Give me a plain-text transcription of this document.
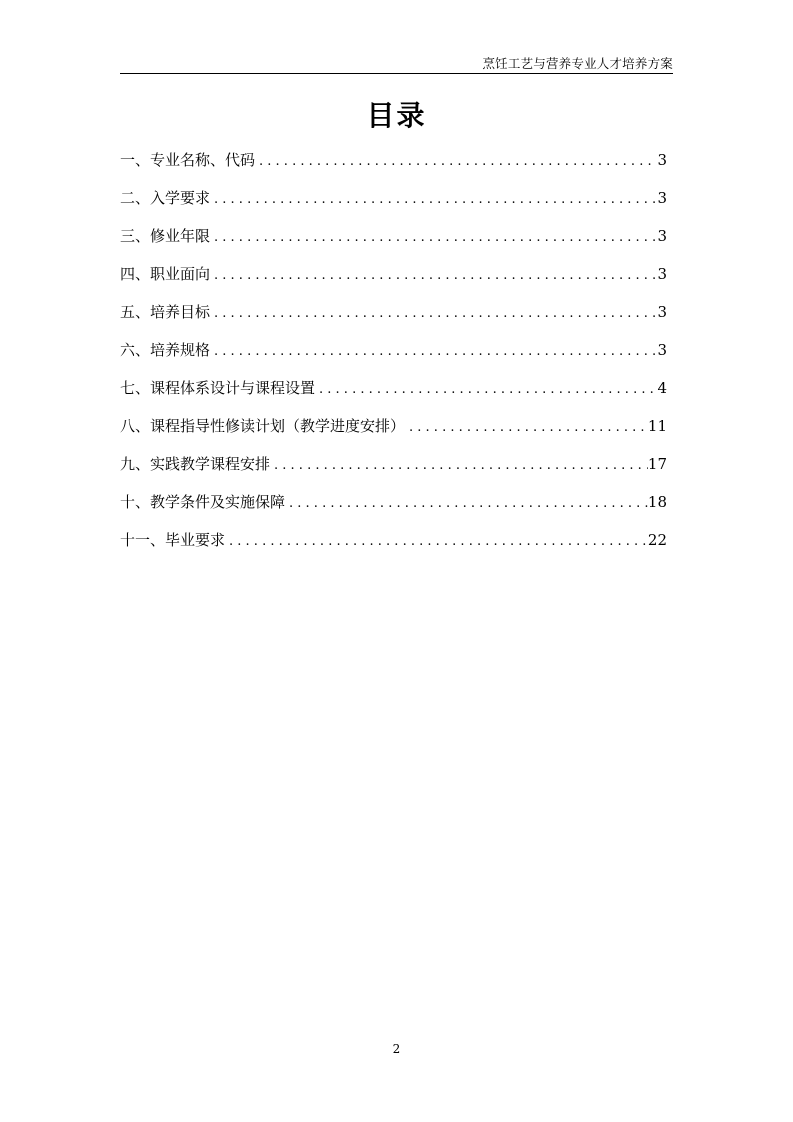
烹饪工艺与营养专业人才培养方案
目录
一、专业名称、代码 . . .	3
二、入学要求 . . .	3
三、修业年限 . . .	3
四、职业面向 . . .	3
五、培养目标 . . .	3
六、培养规格 . . .	3
七、课程体系设计与课程设置 . . .	4
八、课程指导性修读计划（教学进度安排） . . .	11
九、实践教学课程安排 . . .	17
十、教学条件及实施保障 . . .	18
十一、毕业要求 . . .	22
2
